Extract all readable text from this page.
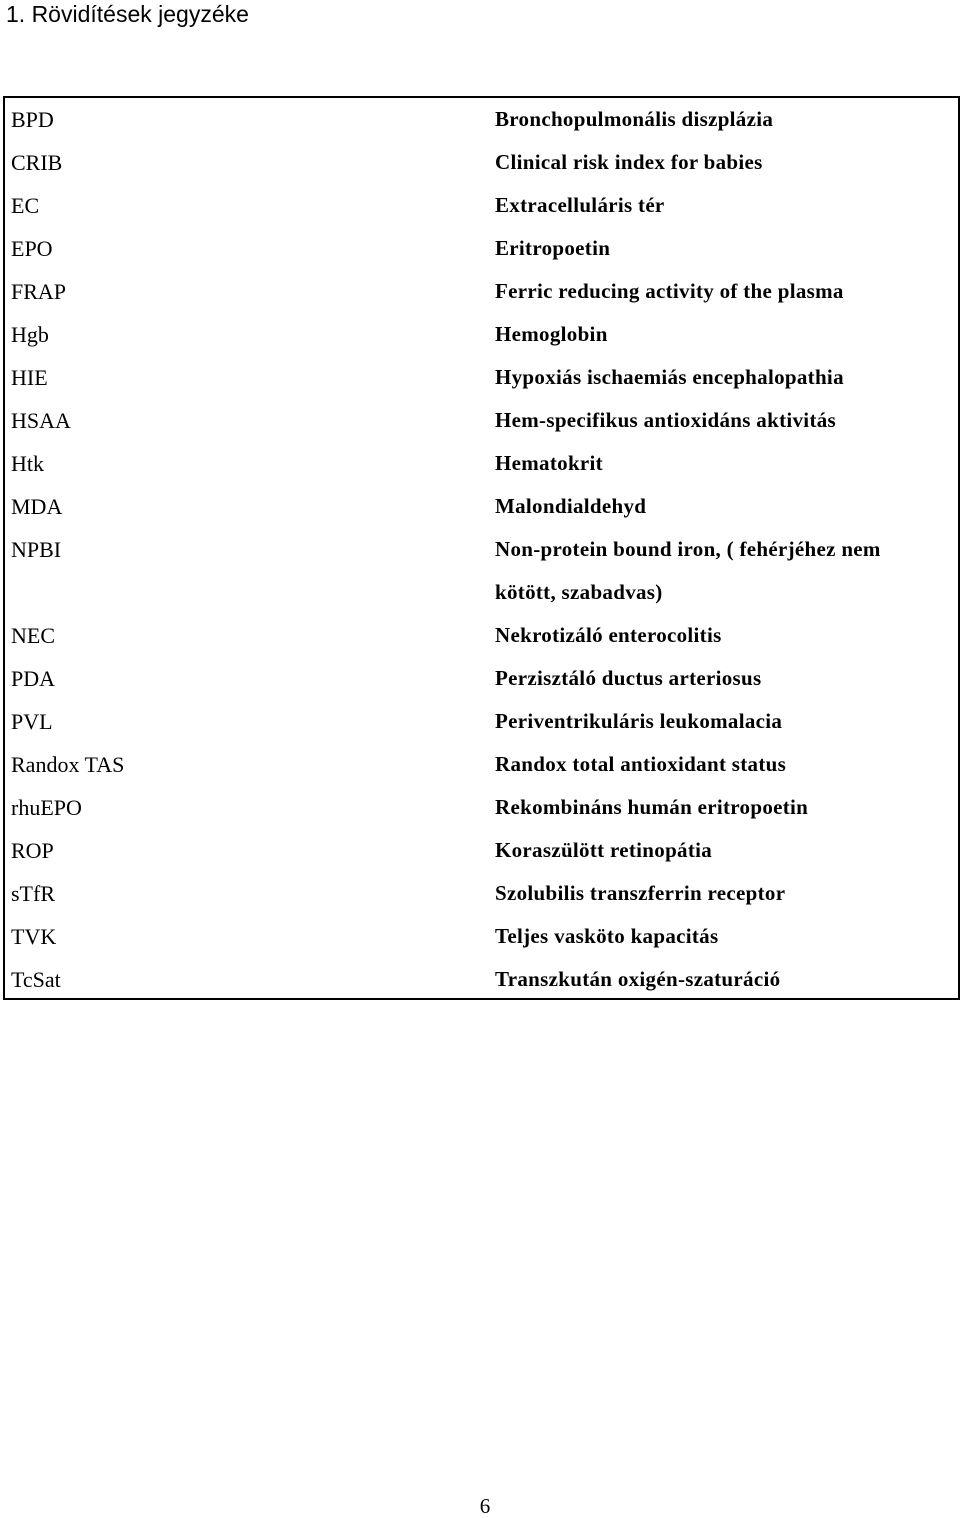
1. Rövidítések jegyzéke
BPD	Bronchopulmonális diszplázia
CRIB	Clinical risk index for babies
EC	Extracelluláris tér
EPO	Eritropoetin
FRAP	Ferric reducing activity of the plasma
Hgb	Hemoglobin
HIE	Hypoxiás ischaemiás encephalopathia
HSAA	Hem-specifikus antioxidáns aktivitás
Htk	Hematokrit
MDA	Malondialdehyd
NPBI	Non-protein bound iron, ( fehérjéhez nem
	kötött, szabadvas)
NEC	Nekrotizáló enterocolitis
PDA	Perzisztáló ductus arteriosus
PVL	Periventrikuláris leukomalacia
Randox TAS	Randox total antioxidant status
rhuEPO	Rekombináns humán eritropoetin
ROP	Koraszülött retinopátia
sTfR	Szolubilis transzferrin receptor
TVK	Teljes vasköto kapacitás
TcSat	Transzkután oxigén-szaturáció
6
